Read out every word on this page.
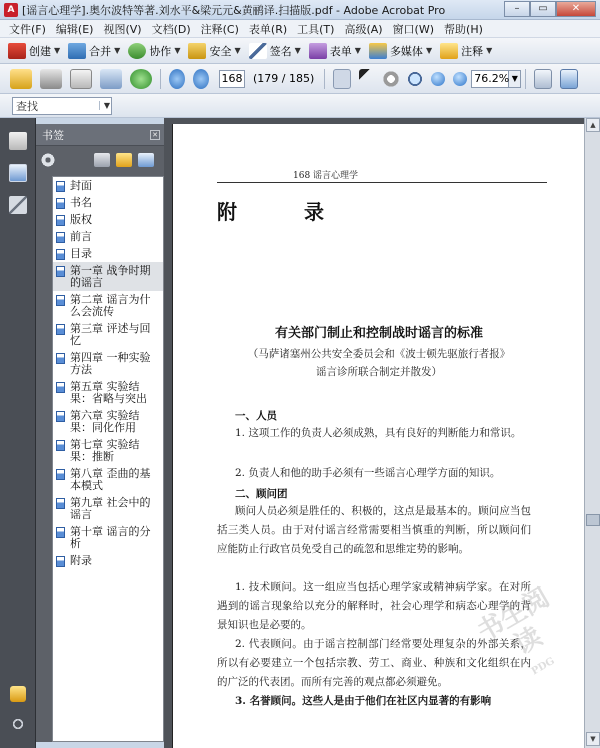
A [谣言心理学].奥尔波特等著.刘水平&梁元元&黄鹂译.扫描版.pdf - Adobe Acrobat Pro	–	▭	✕
文件(F) 编辑(E) 视图(V) 文档(D) 注释(C) 表单(R) 工具(T) 高级(A) 窗口(W) 帮助(H)
创建 ▼	合并 ▼	协作 ▼	安全 ▼	签名 ▼	表单 ▼	多媒体 ▼	注释 ▼
168 (179 / 185)	76.2% ▼
查找	▼
书签	✕
封面
书名
版权
前言
目录
第一章 战争时期的谣言
第二章 谣言为什么会流传
第三章 评述与回忆
第四章 一种实验方法
第五章 实验结果：省略与突出
第六章 实验结果：同化作用
第七章 实验结果：推断
第八章 歪曲的基本模式
第九章 社会中的谣言
第十章 谣言的分析
附录
168 谣言心理学
附 录
有关部门制止和控制战时谣言的标准
（马萨诸塞州公共安全委员会和《波士顿先驱旅行者报》
谣言诊所联合制定并散发）
一、人员
1. 这项工作的负责人必须成熟，具有良好的判断能力和常识。
2. 负责人和他的助手必须有一些谣言心理学方面的知识。
二、顾问团
顾问人员必须是胜任的、积极的，这点是最基本的。顾问应当包括三类人员。由于对付谣言经常需要相当慎重的判断，所以顾问们应能防止行政官员免受自己的疏忽和思维定势的影响。
1. 技术顾问。这一组应当包括心理学家或精神病学家。在对所遇到的谣言现象给以充分的解释时，社会心理学和病态心理学的背景知识也是必要的。
2. 代表顾问。由于谣言控制部门经常要处理复杂的外部关系，所以有必要建立一个包括宗教、劳工、商业、种族和文化组织在内的广泛的代表团。而所有完善的观点都必须避免。
3. 名誉顾问。这些人是由于他们在社区内显著的有影响
书生阅读
PDG
▲
▼
